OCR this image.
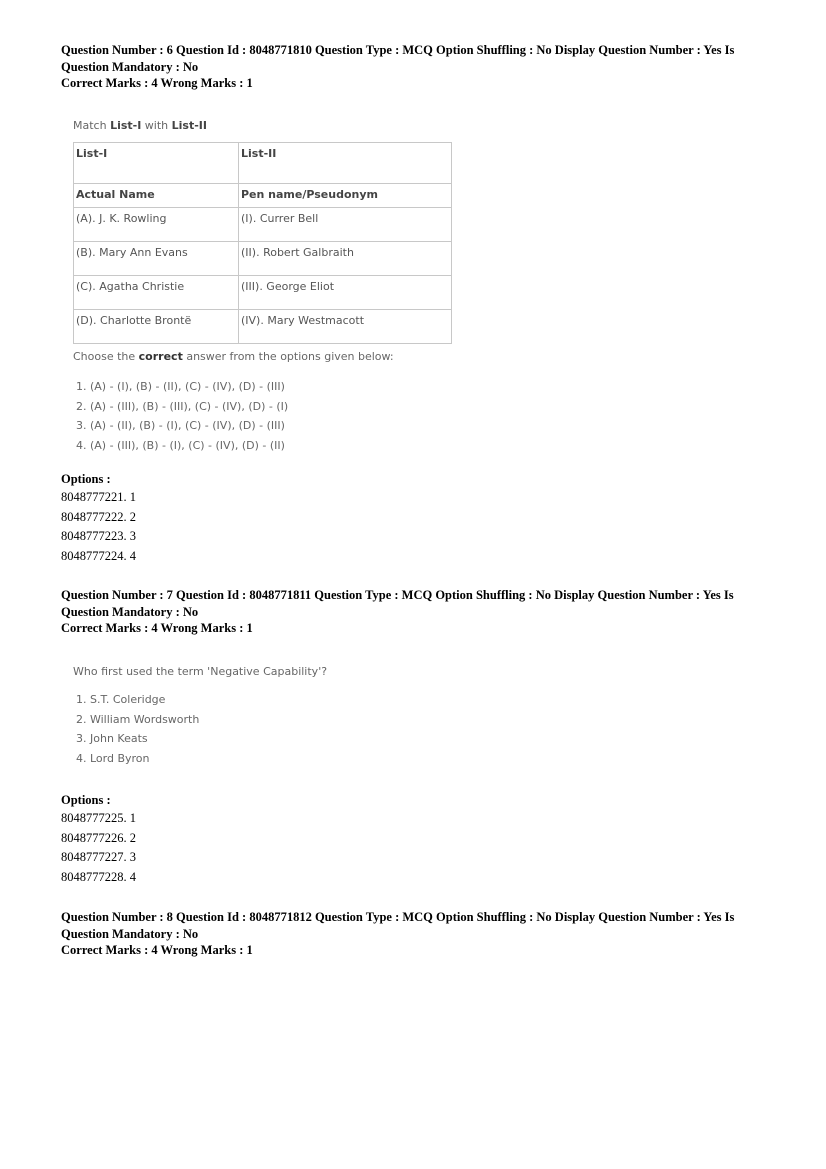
Question Number : 6 Question Id : 8048771810 Question Type : MCQ Option Shuffling : No Display Question Number : Yes Is
Question Mandatory : No
Correct Marks : 4 Wrong Marks : 1

Match List-I with List-II

List-I	List-II
Actual Name	Pen name/Pseudonym
(A). J. K. Rowling	(I). Currer Bell
(B). Mary Ann Evans	(II). Robert Galbraith
(C). Agatha Christie	(III). George Eliot
(D). Charlotte Brontë	(IV). Mary Westmacott
Choose the correct answer from the options given below:
1. (A) - (I), (B) - (II), (C) - (IV), (D) - (III)
2. (A) - (III), (B) - (III), (C) - (IV), (D) - (I)
3. (A) - (II), (B) - (I), (C) - (IV), (D) - (III)
4. (A) - (III), (B) - (I), (C) - (IV), (D) - (II)
Options :
8048777221. 1
8048777222. 2
8048777223. 3
8048777224. 4
Question Number : 7 Question Id : 8048771811 Question Type : MCQ Option Shuffling : No Display Question Number : Yes Is
Question Mandatory : No
Correct Marks : 4 Wrong Marks : 1

Who first used the term 'Negative Capability'?

1. S.T. Coleridge
2. William Wordsworth
3. John Keats
4. Lord Byron
Options :
8048777225. 1
8048777226. 2
8048777227. 3
8048777228. 4
Question Number : 8 Question Id : 8048771812 Question Type : MCQ Option Shuffling : No Display Question Number : Yes Is
Question Mandatory : No
Correct Marks : 4 Wrong Marks : 1
